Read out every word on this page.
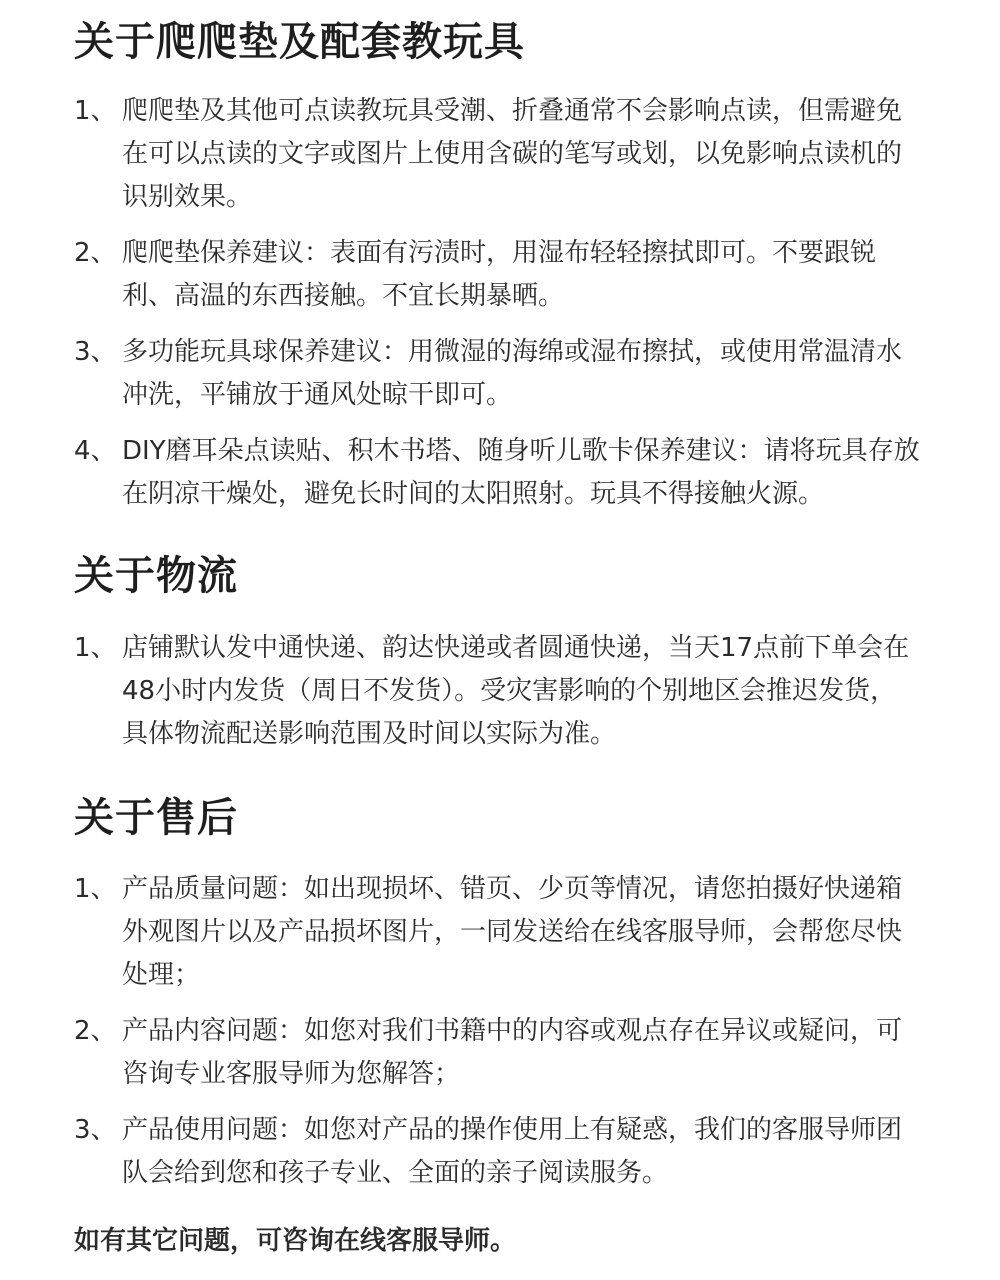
关于爬爬垫及配套教玩具
1、 爬爬垫及其他可点读教玩具受潮、折叠通常不会影响点读，但需避免在可以点读的文字或图片上使用含碳的笔写或划，以免影响点读机的识别效果。
2、 爬爬垫保养建议：表面有污渍时，用湿布轻轻擦拭即可。不要跟锐利、高温的东西接触。不宜长期暴晒。
3、 多功能玩具球保养建议：用微湿的海绵或湿布擦拭，或使用常温清水冲洗，平铺放于通风处晾干即可。
4、 DIY磨耳朵点读贴、积木书塔、随身听儿歌卡保养建议：请将玩具存放在阴凉干燥处，避免长时间的太阳照射。玩具不得接触火源。
关于物流
1、 店铺默认发中通快递、韵达快递或者圆通快递，当天17点前下单会在48小时内发货（周日不发货）。受灾害影响的个别地区会推迟发货，具体物流配送影响范围及时间以实际为准。
关于售后
1、 产品质量问题：如出现损坏、错页、少页等情况，请您拍摄好快递箱外观图片以及产品损坏图片，一同发送给在线客服导师，会帮您尽快处理；
2、 产品内容问题：如您对我们书籍中的内容或观点存在异议或疑问，可咨询专业客服导师为您解答；
3、 产品使用问题：如您对产品的操作使用上有疑惑，我们的客服导师团队会给到您和孩子专业、全面的亲子阅读服务。

如有其它问题，可咨询在线客服导师。
